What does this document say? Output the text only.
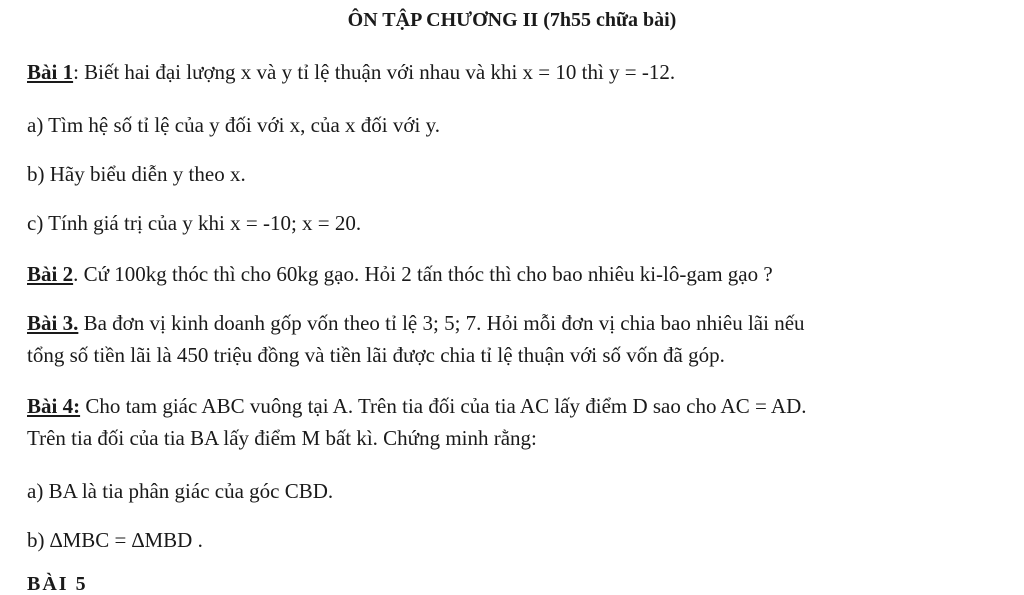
ÔN TẬP CHƯƠNG II (7h55 chữa bài)
Bài 1: Biết hai đại lượng x và y tỉ lệ thuận với nhau và khi x = 10 thì y = -12.
a) Tìm hệ số tỉ lệ của y đối với x, của x đối với y.
b) Hãy biểu diễn y theo x.
c) Tính giá trị của y khi x = -10; x = 20.
Bài 2. Cứ 100kg thóc thì cho 60kg gạo. Hỏi 2 tấn thóc thì cho bao nhiêu ki-lô-gam gạo ?
Bài 3. Ba đơn vị kinh doanh gốp vốn theo tỉ lệ 3; 5; 7. Hỏi mỗi đơn vị chia bao nhiêu lãi nếu
tổng số tiền lãi là 450 triệu đồng và tiền lãi được chia tỉ lệ thuận với số vốn đã góp.
Bài 4: Cho tam giác ABC vuông tại A. Trên tia đối của tia AC lấy điểm D sao cho AC = AD.
Trên tia đối của tia BA lấy điểm M bất kì. Chứng minh rằng:
a) BA là tia phân giác của góc CBD.
b) ∆MBC = ∆MBD .
BÀI 5
